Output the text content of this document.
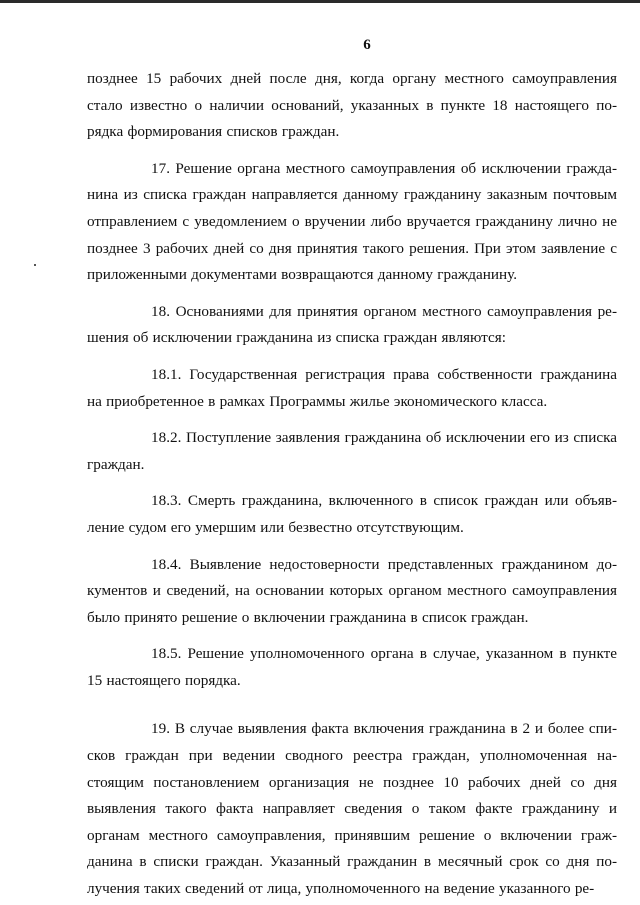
6

позднее 15 рабочих дней после дня, когда органу местного самоуправления стало известно о наличии оснований, указанных в пункте 18 настоящего порядка формирования списков граждан.

17. Решение органа местного самоуправления об исключении гражданина из списка граждан направляется данному гражданину заказным почтовым отправлением с уведомлением о вручении либо вручается гражданину лично не позднее 3 рабочих дней со дня принятия такого решения. При этом заявление с приложенными документами возвращаются данному гражданину.

18. Основаниями для принятия органом местного самоуправления решения об исключении гражданина из списка граждан являются:

18.1. Государственная регистрация права собственности гражданина на приобретенное в рамках Программы жилье экономического класса.

18.2. Поступление заявления гражданина об исключении его из списка граждан.

18.3. Смерть гражданина, включенного в список граждан или объявление судом его умершим или безвестно отсутствующим.

18.4. Выявление недостоверности представленных гражданином документов и сведений, на основании которых органом местного самоуправления было принято решение о включении гражданина в список граждан.

18.5. Решение уполномоченного органа в случае, указанном в пункте 15 настоящего порядка.

19. В случае выявления факта включения гражданина в 2 и более списков граждан при ведении сводного реестра граждан, уполномоченная настоящим постановлением организация не позднее 10 рабочих дней со дня выявления такого факта направляет сведения о таком факте гражданину и органам местного самоуправления, принявшим решение о включении гражданина в списки граждан. Указанный гражданин в месячный срок со дня получения таких сведений от лица, уполномоченного на ведение указанного ре-
